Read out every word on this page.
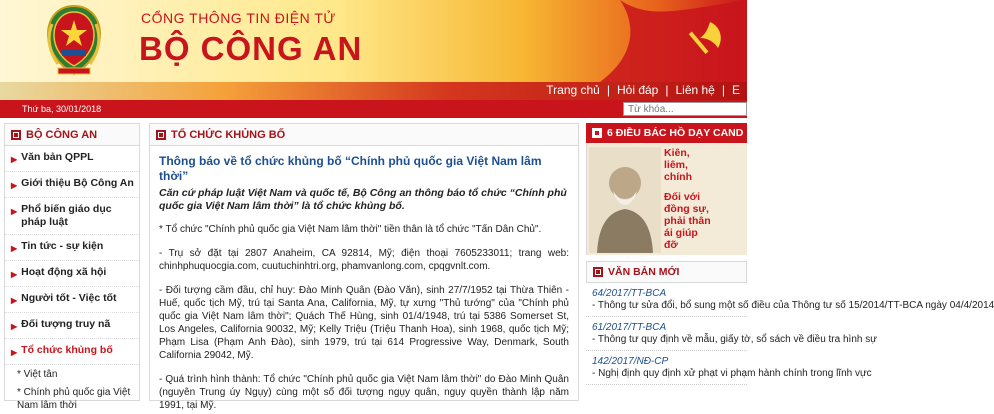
CỔNG THÔNG TIN ĐIỆN TỬ
BỘ CÔNG AN
Trang chủ | Hỏi đáp | Liên hệ | E
Thứ ba, 30/01/2018
Từ khóa...
BỘ CÔNG AN
▶ Văn bản QPPL
▶ Giới thiệu Bộ Công An
▶ Phổ biến giáo dục pháp luật
▶ Tin tức - sự kiện
▶ Hoạt động xã hội
▶ Người tốt - Việc tốt
▶ Đối tượng truy nã
▶ Tổ chức khủng bố
* Việt tân
* Chính phủ quốc gia Việt Nam lâm thời
TỔ CHỨC KHỦNG BỐ
Thông báo về tổ chức khủng bố “Chính phủ quốc gia Việt Nam lâm thời”
Căn cứ pháp luật Việt Nam và quốc tế, Bộ Công an thông báo tổ chức “Chính phủ quốc gia Việt Nam lâm thời” là tổ chức khủng bố.
* Tổ chức "Chính phủ quốc gia Việt Nam lâm thời" tiền thân là tổ chức "Tấn Dân Chủ".
- Trụ sở đặt tại 2807 Anaheim, CA 92814, Mỹ; điện thoại 7605233011; trang web: chinhphuquocgia.com, cuutuchinhtri.org, phamvanlong.com, cpqgvnlt.com.
- Đối tượng cầm đầu, chỉ huy: Đào Minh Quân (Đào Văn), sinh 27/7/1952 tại Thừa Thiên - Huế, quốc tịch Mỹ, trú tại Santa Ana, California, Mỹ, tự xưng "Thủ tướng" của "Chính phủ quốc gia Việt Nam lâm thời"; Quách Thế Hùng, sinh 01/4/1948, trú tại 5386 Somerset St, Los Angeles, California 90032, Mỹ; Kelly Triệu (Triệu Thanh Hoa), sinh 1968, quốc tịch Mỹ; Phạm Lisa (Phạm Anh Đào), sinh 1979, trú tại 614 Progressive Way, Denmark, South California 29042, Mỹ.
- Quá trình hình thành: Tổ chức "Chính phủ quốc gia Việt Nam lâm thời" do Đào Minh Quân (nguyên Trung úy Ngụy) cùng một số đối tượng ngụy quân, ngụy quyền thành lập năm 1991, tại Mỹ.
6 ĐIỀU BÁC HỒ DẠY CAND
Kiên,
liêm,
chính
Đối với
đồng sự,
phải thân
ái giúp
đỡ
VĂN BẢN MỚI
64/2017/TT-BCA
- Thông tư sửa đổi, bổ sung một số điều của Thông tư số 15/2014/TT-BCA ngày 04/4/2014
61/2017/TT-BCA
- Thông tư quy định về mẫu, giấy tờ, sổ sách về điều tra hình sự
142/2017/NĐ-CP
- Nghị định quy định xử phạt vi phạm hành chính trong lĩnh vực
